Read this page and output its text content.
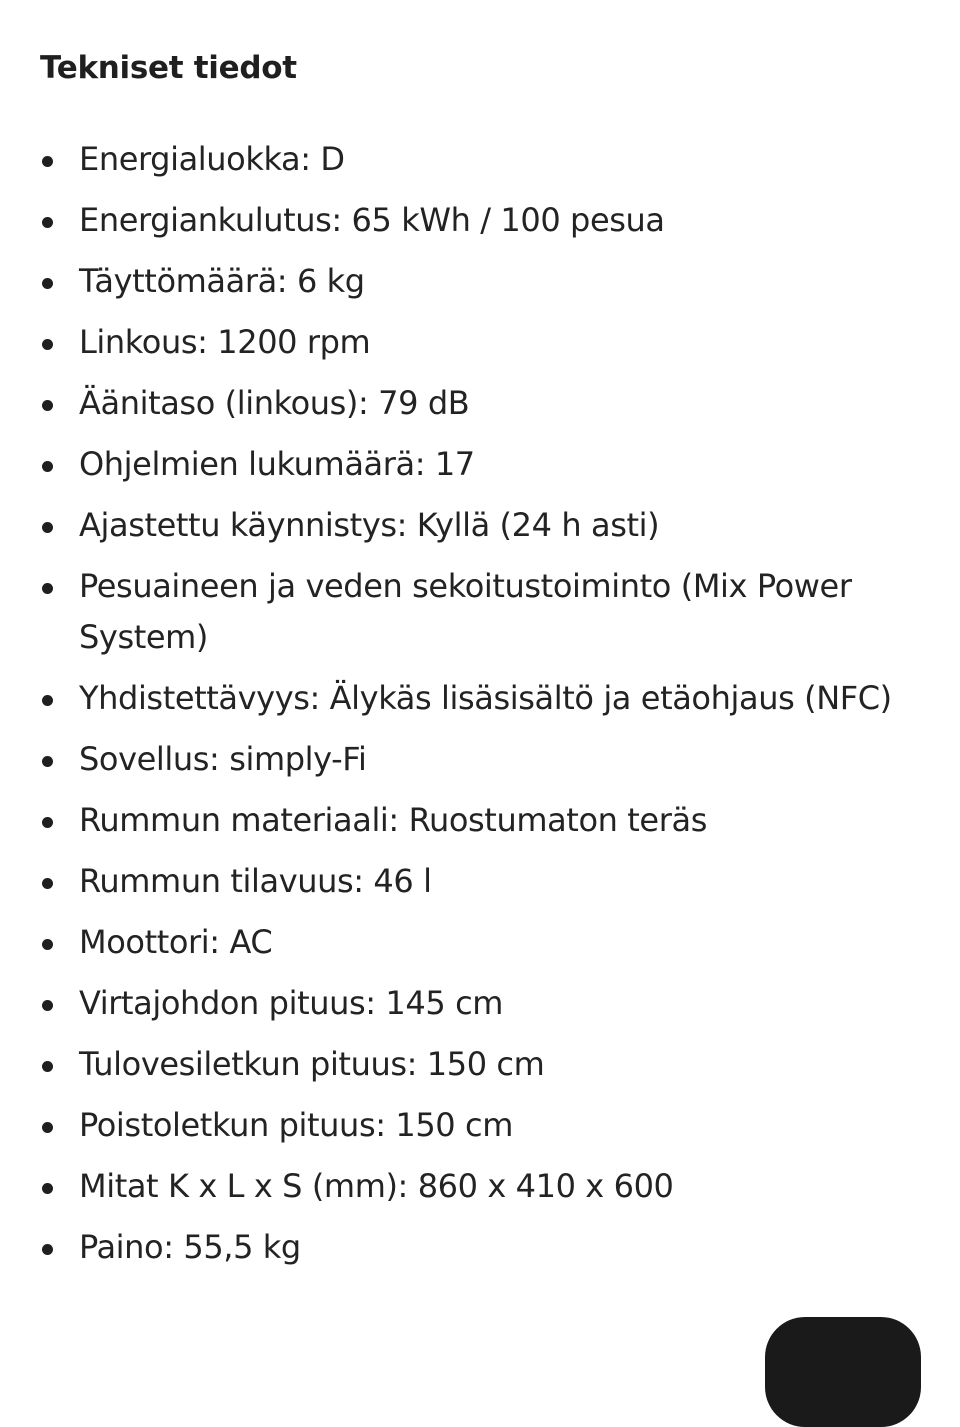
Tekniset tiedot
Energialuokka: D
Energiankulutus: 65 kWh / 100 pesua
Täyttömäärä: 6 kg
Linkous: 1200 rpm
Äänitaso (linkous): 79 dB
Ohjelmien lukumäärä: 17
Ajastettu käynnistys: Kyllä (24 h asti)
Pesuaineen ja veden sekoitustoiminto (Mix Power System)
Yhdistettävyys: Älykäs lisäsisältö ja etäohjaus (NFC)
Sovellus: simply-Fi
Rummun materiaali: Ruostumaton teräs
Rummun tilavuus: 46 l
Moottori: AC
Virtajohdon pituus: 145 cm
Tulovesiletkun pituus: 150 cm
Poistoletkun pituus: 150 cm
Mitat K x L x S (mm): 860 x 410 x 600
Paino: 55,5 kg
